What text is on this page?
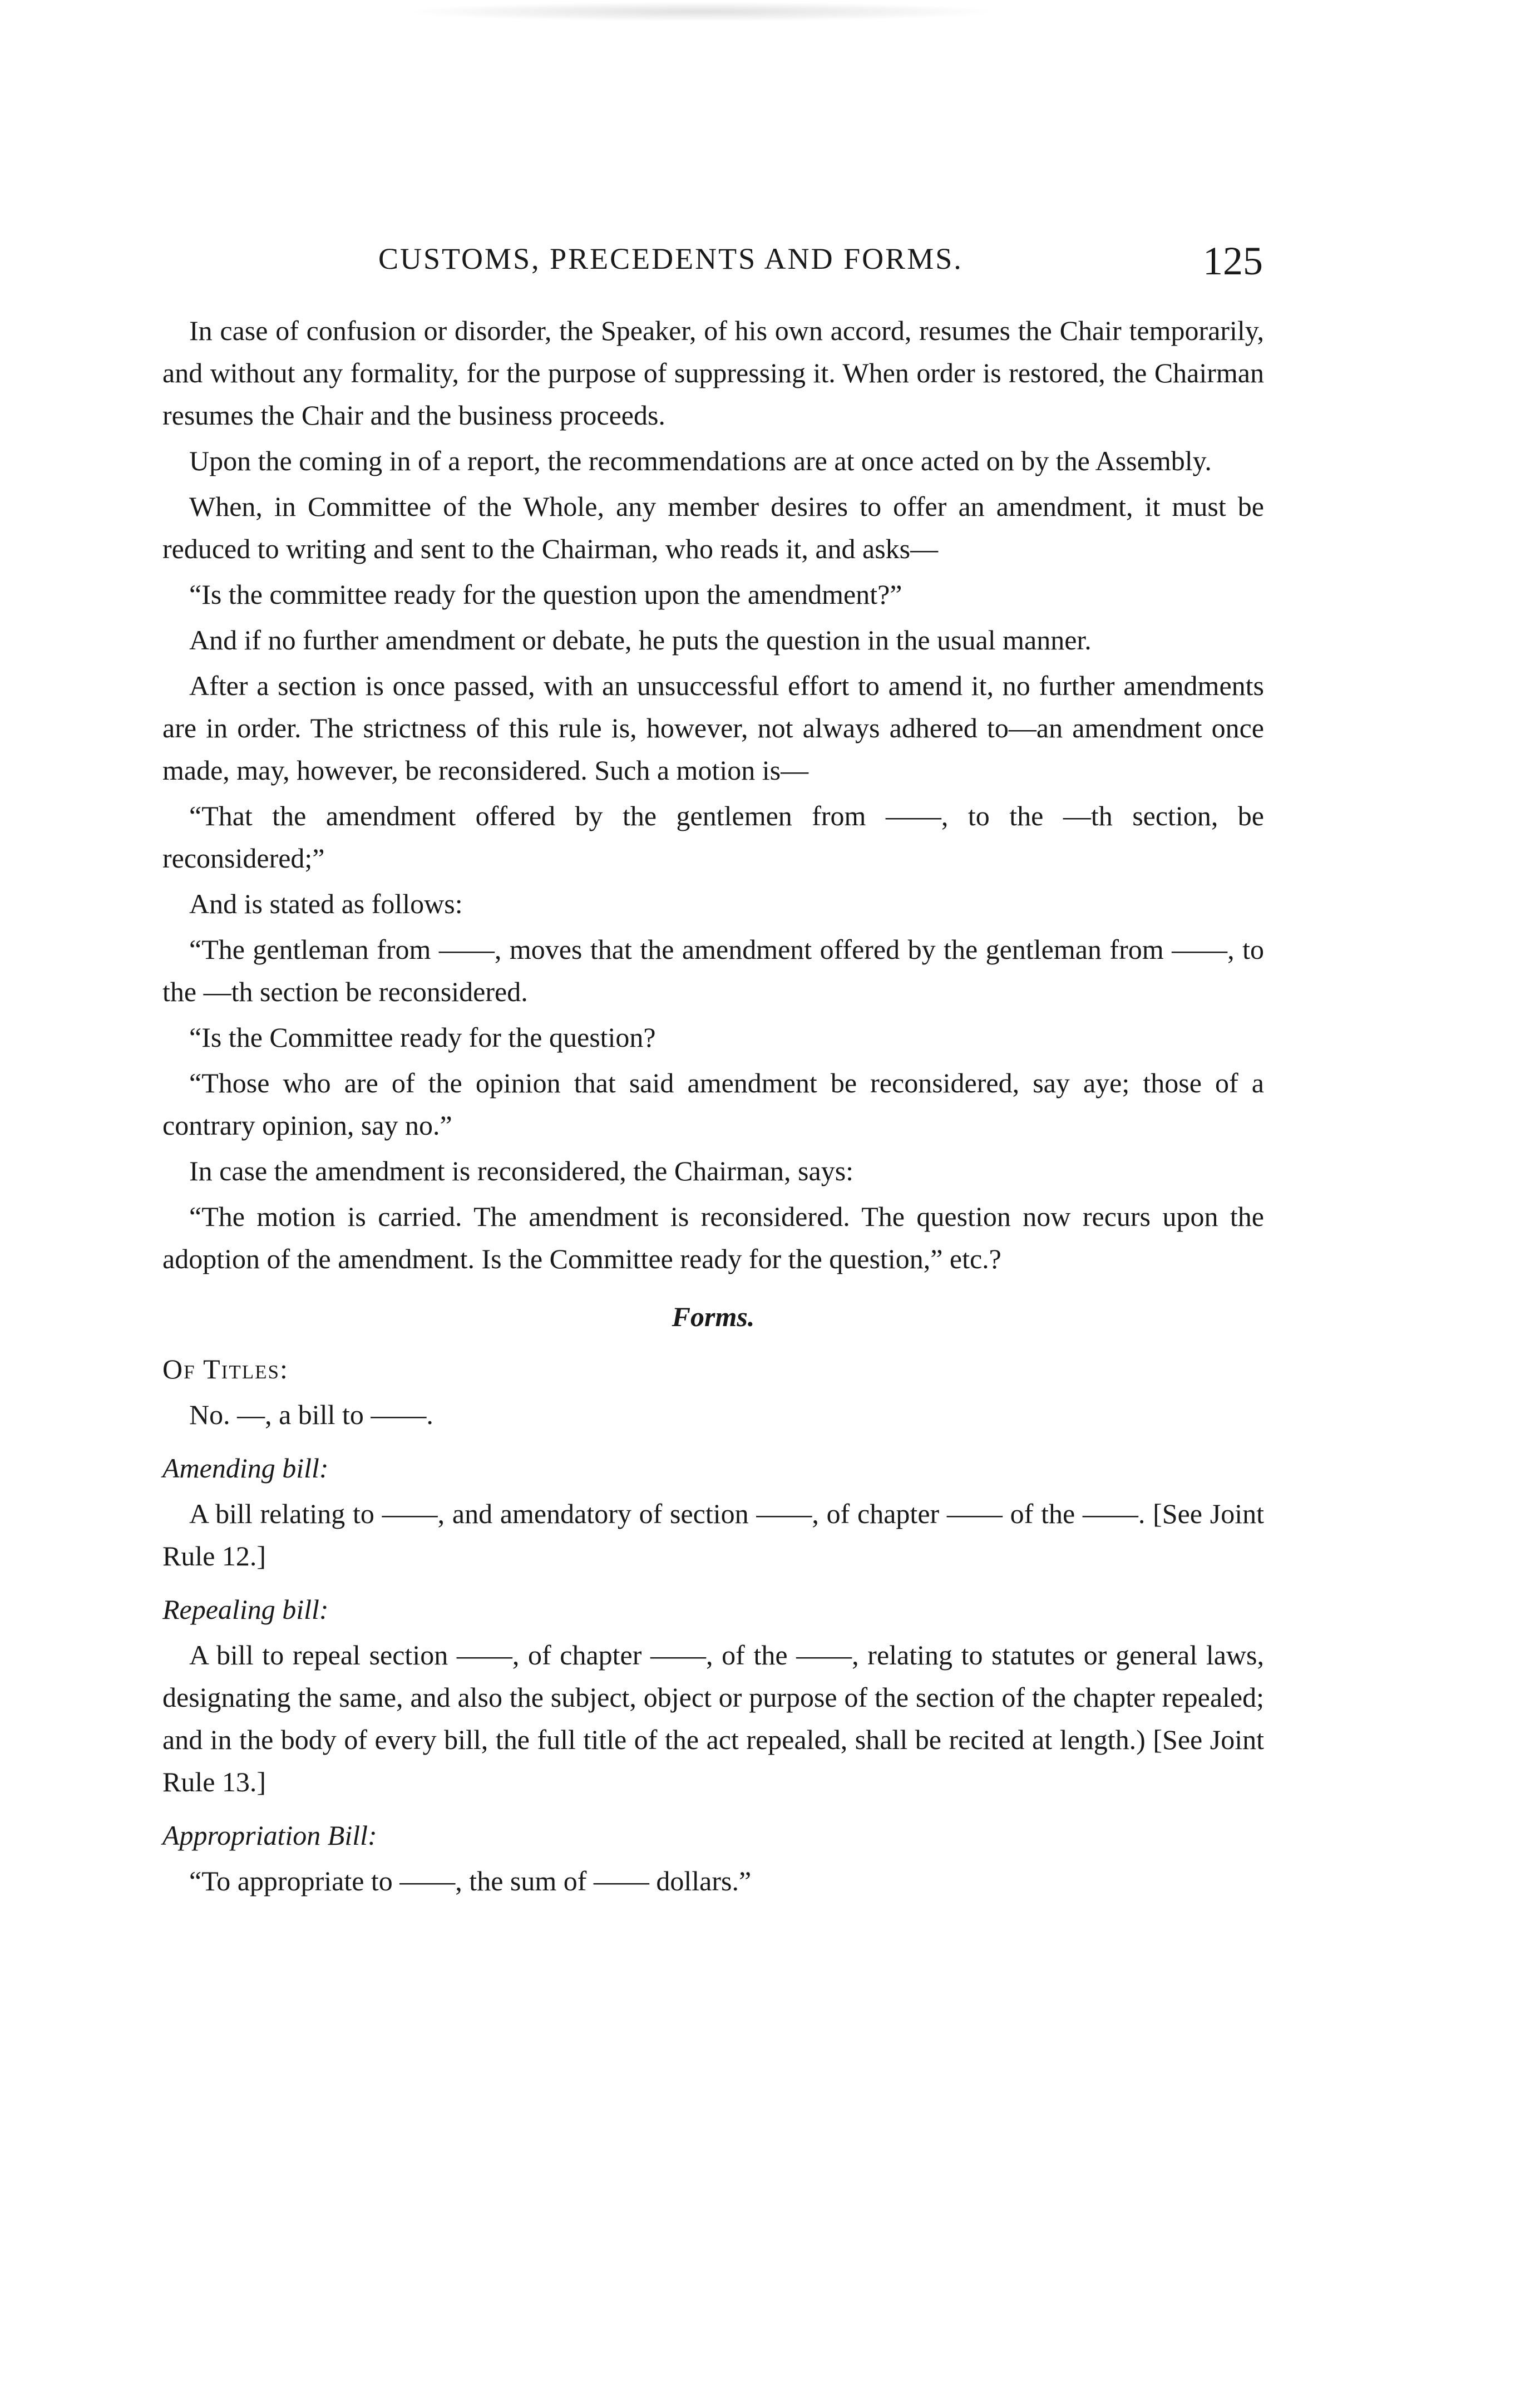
CUSTOMS, PRECEDENTS AND FORMS.	125

In case of confusion or disorder, the Speaker, of his own accord, resumes the Chair temporarily, and without any formality, for the purpose of suppressing it. When order is restored, the Chairman resumes the Chair and the business proceeds.

Upon the coming in of a report, the recommendations are at once acted on by the Assembly.

When, in Committee of the Whole, any member desires to offer an amendment, it must be reduced to writing and sent to the Chairman, who reads it, and asks—

“Is the committee ready for the question upon the amendment?”

And if no further amendment or debate, he puts the question in the usual manner.

After a section is once passed, with an unsuccessful effort to amend it, no further amendments are in order. The strictness of this rule is, however, not always adhered to—an amendment once made, may, however, be reconsidered. Such a motion is—

“That the amendment offered by the gentlemen from ——, to the —th section, be reconsidered;”

And is stated as follows:

“The gentleman from ——, moves that the amendment offered by the gentleman from ——, to the —th section be reconsidered.

“Is the Committee ready for the question?

“Those who are of the opinion that said amendment be reconsidered, say aye; those of a contrary opinion, say no.”

In case the amendment is reconsidered, the Chairman, says:

“The motion is carried. The amendment is reconsidered. The question now recurs upon the adoption of the amendment. Is the Committee ready for the question,” etc.?

Forms.

Of Titles:

No. —, a bill to ——.

Amending bill:

A bill relating to ——, and amendatory of section ——, of chapter —— of the ——. [See Joint Rule 12.]

Repealing bill:

A bill to repeal section ——, of chapter ——, of the ——, relating to statutes or general laws, designating the same, and also the subject, object or purpose of the section of the chapter repealed; and in the body of every bill, the full title of the act repealed, shall be recited at length.) [See Joint Rule 13.]

Appropriation Bill:

“To appropriate to ——, the sum of —— dollars.”
